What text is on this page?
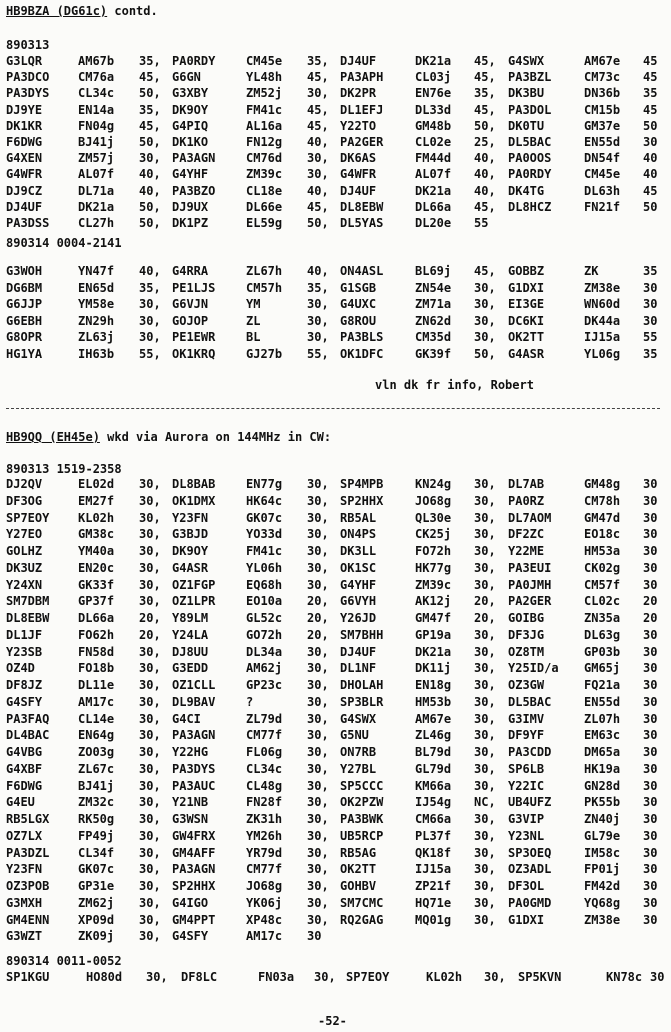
HB9BZA (DG61c) contd.
890313
G3LQR	AM67b 35, PA0RDY	CM45e 35, DJ4UF	DK21a 45, G4SWX	AM67e 45
PA3DCO CM76a 45, G6GN	YL48h 45, PA3APH	CL03j 45, PA3BZL	CM73c 45
PA3DYS CL34c 50, G3XBY	ZM52j 30, DK2PR	EN76e 35, DK3BU	DN36b 35
DJ9YE	EN14a 35, DK9OY	FM41c 45, DL1EFJ	DL33d 45, PA3DOL	CM15b 45
DK1KR	FN04g 45, G4PIQ	AL16a 45, Y22TO	GM48b 50, DK0TU	GM37e 50
F6DWG	BJ41j 50, DK1KO	FN12g 40, PA2GER	CL02e 25, DL5BAC	EN55d 30
G4XEN	ZM57j 30, PA3AGN	CM76d 30, DK6AS	FM44d 40, PA0OOS	DN54f 40
G4WFR	AL07f 40, G4YHF	ZM39c 30, G4WFR	AL07f 40, PA0RDY	CM45e 40
DJ9CZ	DL71a 40, PA3BZO	CL18e 40, DJ4UF	DK21a 40, DK4TG	DL63h 45
DJ4UF	DK21a 50, DJ9UX	DL66e 45, DL8EBW	DL66a 45, DL8HCZ	FN21f 50
PA3DSS CL27h 50, DK1PZ	EL59g 50, DL5YAS	DL20e 55
890314 0004-2141
G3WOH	YN47f 40, G4RRA	ZL67h 40, ON4ASL	BL69j 45, GOBBZ	ZK	35
DG6BM	EN65d 35, PE1LJS	CM57h 35, G1SGB	ZN54e 30, G1DXI	ZM38e 30
G6JJP	YM58e 30, G6VJN	YM	30, G4UXC	ZM71a 30, EI3GE	WN60d 30
G6EBH	ZN29h 30, GOJOP	ZL	30, G8ROU	ZN62d 30, DC6KI	DK44a 30
G8OPR	ZL63j 30, PE1EWR	BL	30, PA3BLS	CM35d 30, OK2TT	IJ15a 55
HG1YA	IH63b 55, OK1KRQ	GJ27b 55, OK1DFC	GK39f 50, G4ASR	YL06g 35
vln dk fr info, Robert
HB9QQ (EH45e) wkd via Aurora on 144MHz in CW:
890313 1519-2358
DJ2QV	EL02d 30, DL8BAB	EN77g 30, SP4MPB	KN24g 30, DL7AB	GM48g 30
DF3OG	EM27f 30, OK1DMX	HK64c 30, SP2HHX	JO68g 30, PA0RZ	CM78h 30
SP7EOY KL02h 30, Y23FN	GK07c 30, RB5AL	QL30e 30, DL7AOM	GM47d 30
Y27EO	GM38c 30, G3BJD	YO33d 30, ON4PS	CK25j 30, DF2ZC	EO18c 30
GOLHZ	YM40a 30, DK9OY	FM41c 30, DK3LL	FO72h 30, Y22ME	HM53a 30
DK3UZ	EN20c 30, G4ASR	YL06h 30, OK1SC	HK77g 30, PA3EUI	CK02g 30
Y24XN	GK33f 30, OZ1FGP	EQ68h 30, G4YHF	ZM39c 30, PA0JMH	CM57f 30
SM7DBM GP37f 30, OZ1LPR	EO10a 20, G6VYH	AK12j 20, PA2GER	CL02c 20
DL8EBW DL66a 20, Y89LM	GL52c 20, Y26JD	GM47f 20, GOIBG	ZN35a 20
DL1JF	FO62h 20, Y24LA	GO72h 20, SM7BHH	GP19a 30, DF3JG	DL63g 30
Y23SB	FN58d 30, DJ8UU	DL34a 30, DJ4UF	DK21a 30, OZ8TM	GP03b 30
OZ4D	FO18b 30, G3EDD	AM62j 30, DL1NF	DK11j 30, Y25ID/a GM65j 30
DF8JZ	DL11e 30, OZ1CLL	GP23c 30, DHOLAH	EN18g 30, OZ3GW	FQ21a 30
G4SFY	AM17c 30, DL9BAV	?	30, SP3BLR	HM53b 30, DL5BAC	EN55d 30
PA3FAQ CL14e 30, G4CI	ZL79d 30, G4SWX	AM67e 30, G3IMV	ZL07h 30
DL4BAC EN64g 30, PA3AGN	CM77f 30, G5NU	ZL46g 30, DF9YF	EM63c 30
G4VBG	ZO03g 30, Y22HG	FL06g 30, ON7RB	BL79d 30, PA3CDD	DM65a 30
G4XBF	ZL67c 30, PA3DYS	CL34c 30, Y27BL	GL79d 30, SP6LB	HK19a 30
F6DWG	BJ41j 30, PA3AUC	CL48g 30, SP5CCC	KM66a 30, Y22IC	GN28d 30
G4EU	ZM32c 30, Y21NB	FN28f 30, OK2PZW	IJ54g NC, UB4UFZ	PK55b 30
RB5LGX RK50g 30, G3WSN	ZK31h 30, PA3BWK	CM66a 30, G3VIP	ZN40j 30
OZ7LX	FP49j 30, GW4FRX	YM26h 30, UB5RCP	PL37f 30, Y23NL	GL79e 30
PA3DZL CL34f 30, GM4AFF	YR79d 30, RB5AG	QK18f 30, SP3OEQ	IM58c 30
Y23FN	GK07c 30, PA3AGN	CM77f 30, OK2TT	IJ15a 30, OZ3ADL	FP01j 30
OZ3POB GP31e 30, SP2HHX	JO68g 30, GOHBV	ZP21f 30, DF3OL	FM42d 30
G3MXH	ZM62j 30, G4IGO	YK06j 30, SM7CMC	HQ71e 30, PA0GMD	YQ68g 30
GM4ENN XP09d 30, GM4PPT	XP48c 30, RQ2GAG	MQ01g 30, G1DXI	ZM38e 30
G3WZT	ZK09j 30, G4SFY	AM17c 30
890314 0011-0052
SP1KGU	HO80d 30, DF8LC	FN03a 30, SP7EOY	KL02h 30, SP5KVN	KN78c 30
-52-
